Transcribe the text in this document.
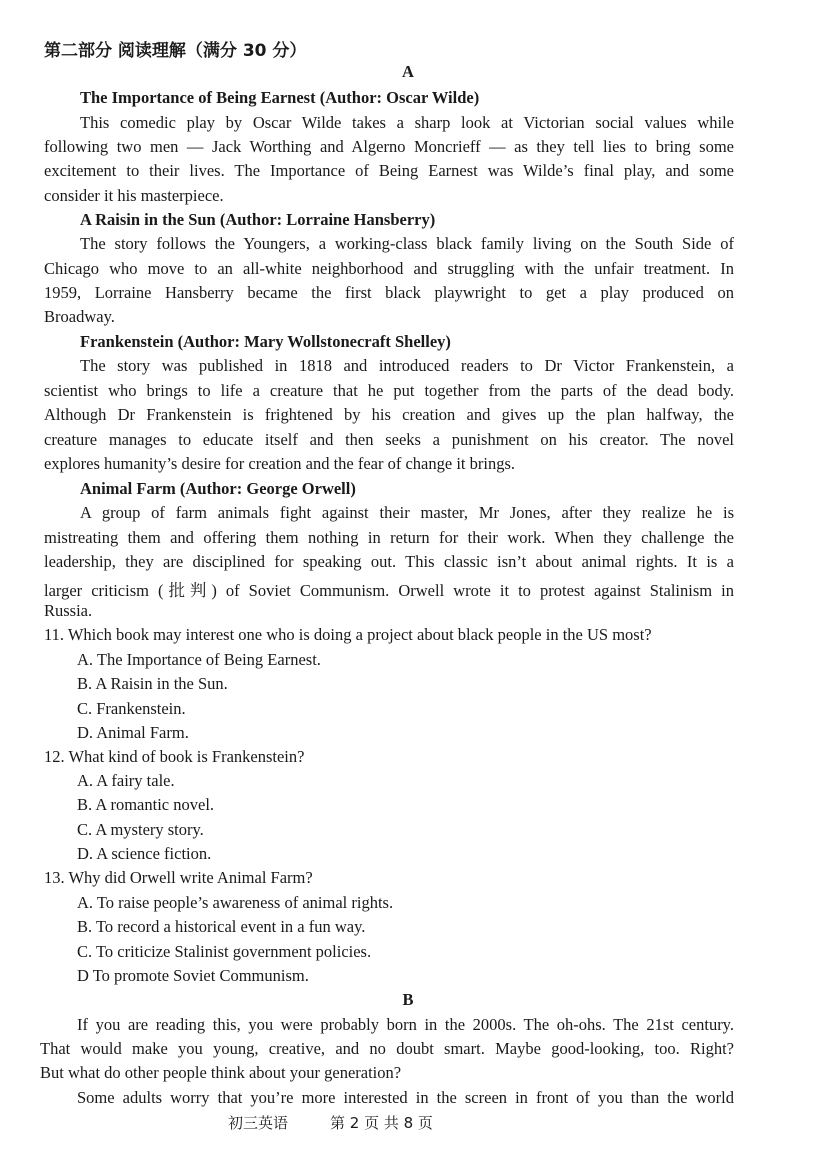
第二部分 阅读理解（满分 30 分）
A
The Importance of Being Earnest (Author: Oscar Wilde)
This comedic play by Oscar Wilde takes a sharp look at Victorian social values while
following two men — Jack Worthing and Algerno Moncrieff — as they tell lies to bring some
excitement to their lives. The Importance of Being Earnest was Wilde’s final play, and some
consider it his masterpiece.
A Raisin in the Sun (Author: Lorraine Hansberry)
The story follows the Youngers, a working-class black family living on the South Side of
Chicago who move to an all-white neighborhood and struggling with the unfair treatment. In
1959, Lorraine Hansberry became the first black playwright to get a play produced on
Broadway.
Frankenstein (Author: Mary Wollstonecraft Shelley)
The story was published in 1818 and introduced readers to Dr Victor Frankenstein, a
scientist who brings to life a creature that he put together from the parts of the dead body.
Although Dr Frankenstein is frightened by his creation and gives up the plan halfway, the
creature manages to educate itself and then seeks a punishment on his creator. The novel
explores humanity’s desire for creation and the fear of change it brings.
Animal Farm (Author: George Orwell)
A group of farm animals fight against their master, Mr Jones, after they realize he is
mistreating them and offering them nothing in return for their work. When they challenge the
leadership, they are disciplined for speaking out. This classic isn’t about animal rights. It is a
larger criticism (批判) of Soviet Communism. Orwell wrote it to protest against Stalinism in
Russia.
11. Which book may interest one who is doing a project about black people in the US most?
A. The Importance of Being Earnest.
B. A Raisin in the Sun.
C. Frankenstein.
D. Animal Farm.
12. What kind of book is Frankenstein?
A. A fairy tale.
B. A romantic novel.
C. A mystery story.
D. A science fiction.
13. Why did Orwell write Animal Farm?
A. To raise people’s awareness of animal rights.
B. To record a historical event in a fun way.
C. To criticize Stalinist government policies.
D To promote Soviet Communism.
B
If you are reading this, you were probably born in the 2000s. The oh-ohs. The 21st century.
That would make you young, creative, and no doubt smart. Maybe good-looking, too. Right?
But what do other people think about your generation?
Some adults worry that you’re more interested in the screen in front of you than the world
初三英语	第 2 页 共 8 页
